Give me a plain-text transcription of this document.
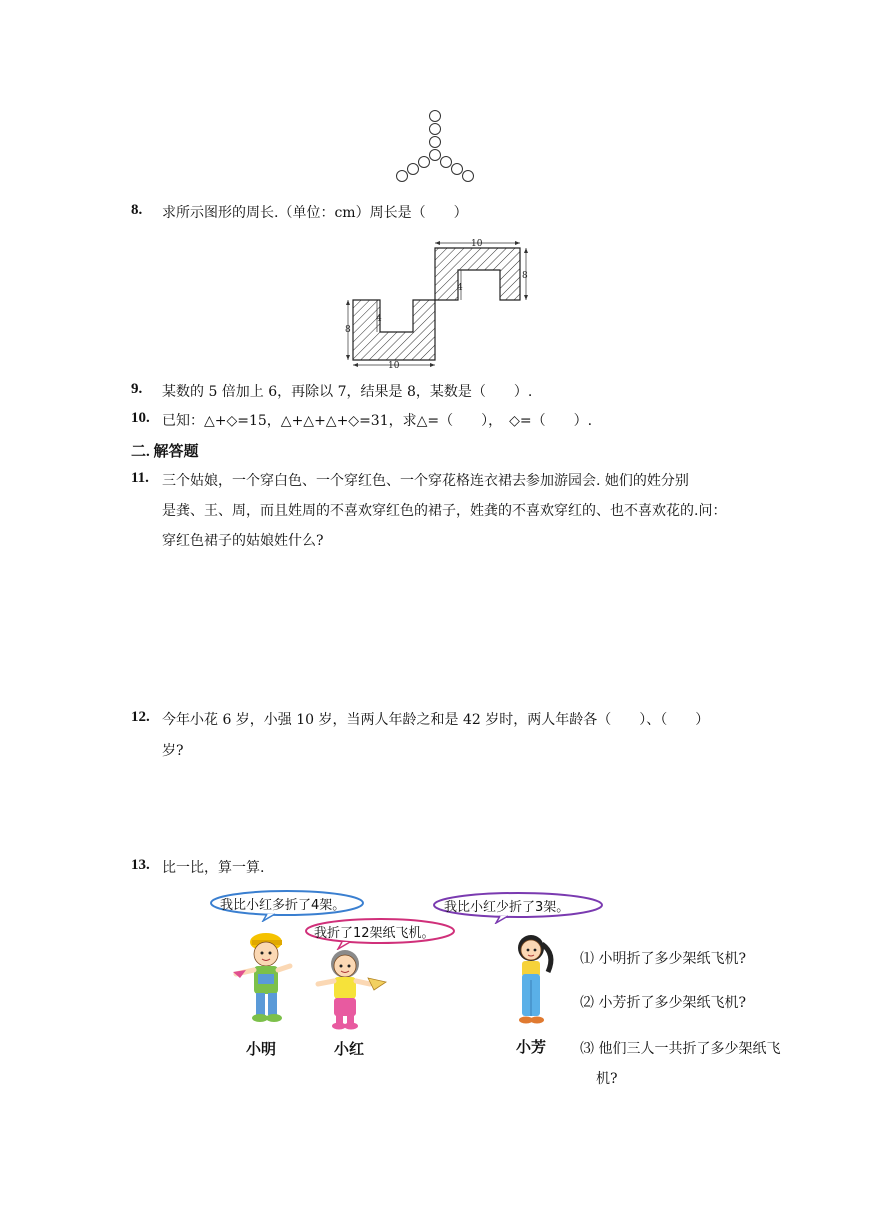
8. 求所示图形的周长.（单位：cm）周长是（　　）
10
8
4
4
8
10
9. 某数的 5 倍加上 6，再除以 7，结果是 8，某数是（　　）.
10. 已知：△+◇=15，△+△+△+◇=31，求△=（　　），　◇=（　　）.
二. 解答题
11. 三个姑娘，一个穿白色、一个穿红色、一个穿花格连衣裙去参加游园会. 她们的姓分别
是龚、王、周，而且姓周的不喜欢穿红色的裙子，姓龚的不喜欢穿红的、也不喜欢花的.问：
穿红色裙子的姑娘姓什么?
12. 今年小花 6 岁，小强 10 岁，当两人年龄之和是 42 岁时，两人年龄各（　　）、（　　）
岁?
13. 比一比，算一算.
我比小红多折了4架。
我折了12架纸飞机。
我比小红少折了3架。
小明	小红	小芳
⑴ 小明折了多少架纸飞机?
⑵ 小芳折了多少架纸飞机?
⑶ 他们三人一共折了多少架纸飞
机?
